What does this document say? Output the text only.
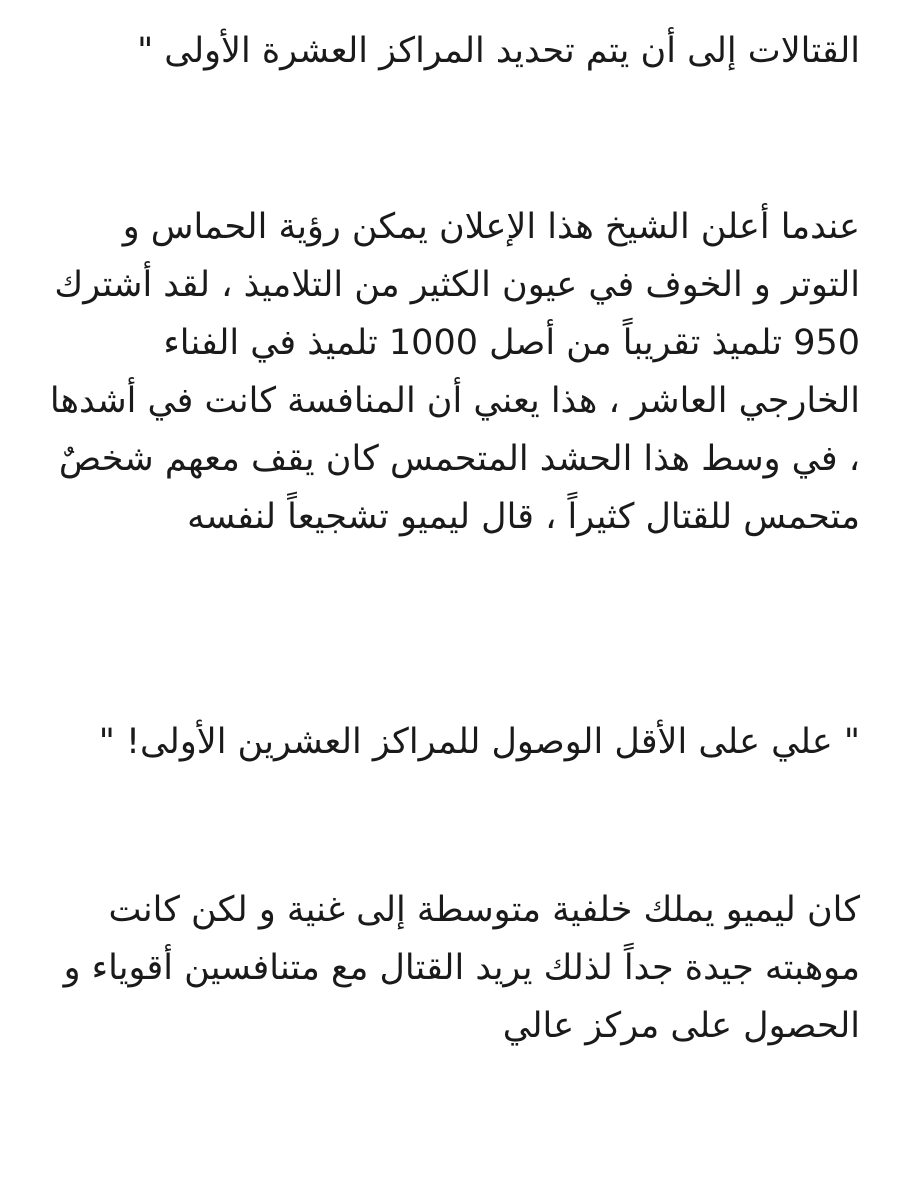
القتالات إلى أن يتم تحديد المراكز العشرة الأولى "

عندما أعلن الشيخ هذا الإعلان يمكن رؤية الحماس و التوتر و الخوف في عيون الكثير من التلاميذ ، لقد أشترك 950 تلميذ تقريباً من أصل 1000 تلميذ في الفناء الخارجي العاشر ، هذا يعني أن المنافسة كانت في أشدها ، في وسط هذا الحشد المتحمس كان يقف معهم شخصٌ متحمس للقتال كثيراً ، قال ليميو تشجيعاً لنفسه

" علي على الأقل الوصول للمراكز العشرين الأولى! "

كان ليميو يملك خلفية متوسطة إلى غنية و لكن كانت موهبته جيدة جداً لذلك يريد القتال مع متنافسين أقوياء و الحصول على مركز عالي
